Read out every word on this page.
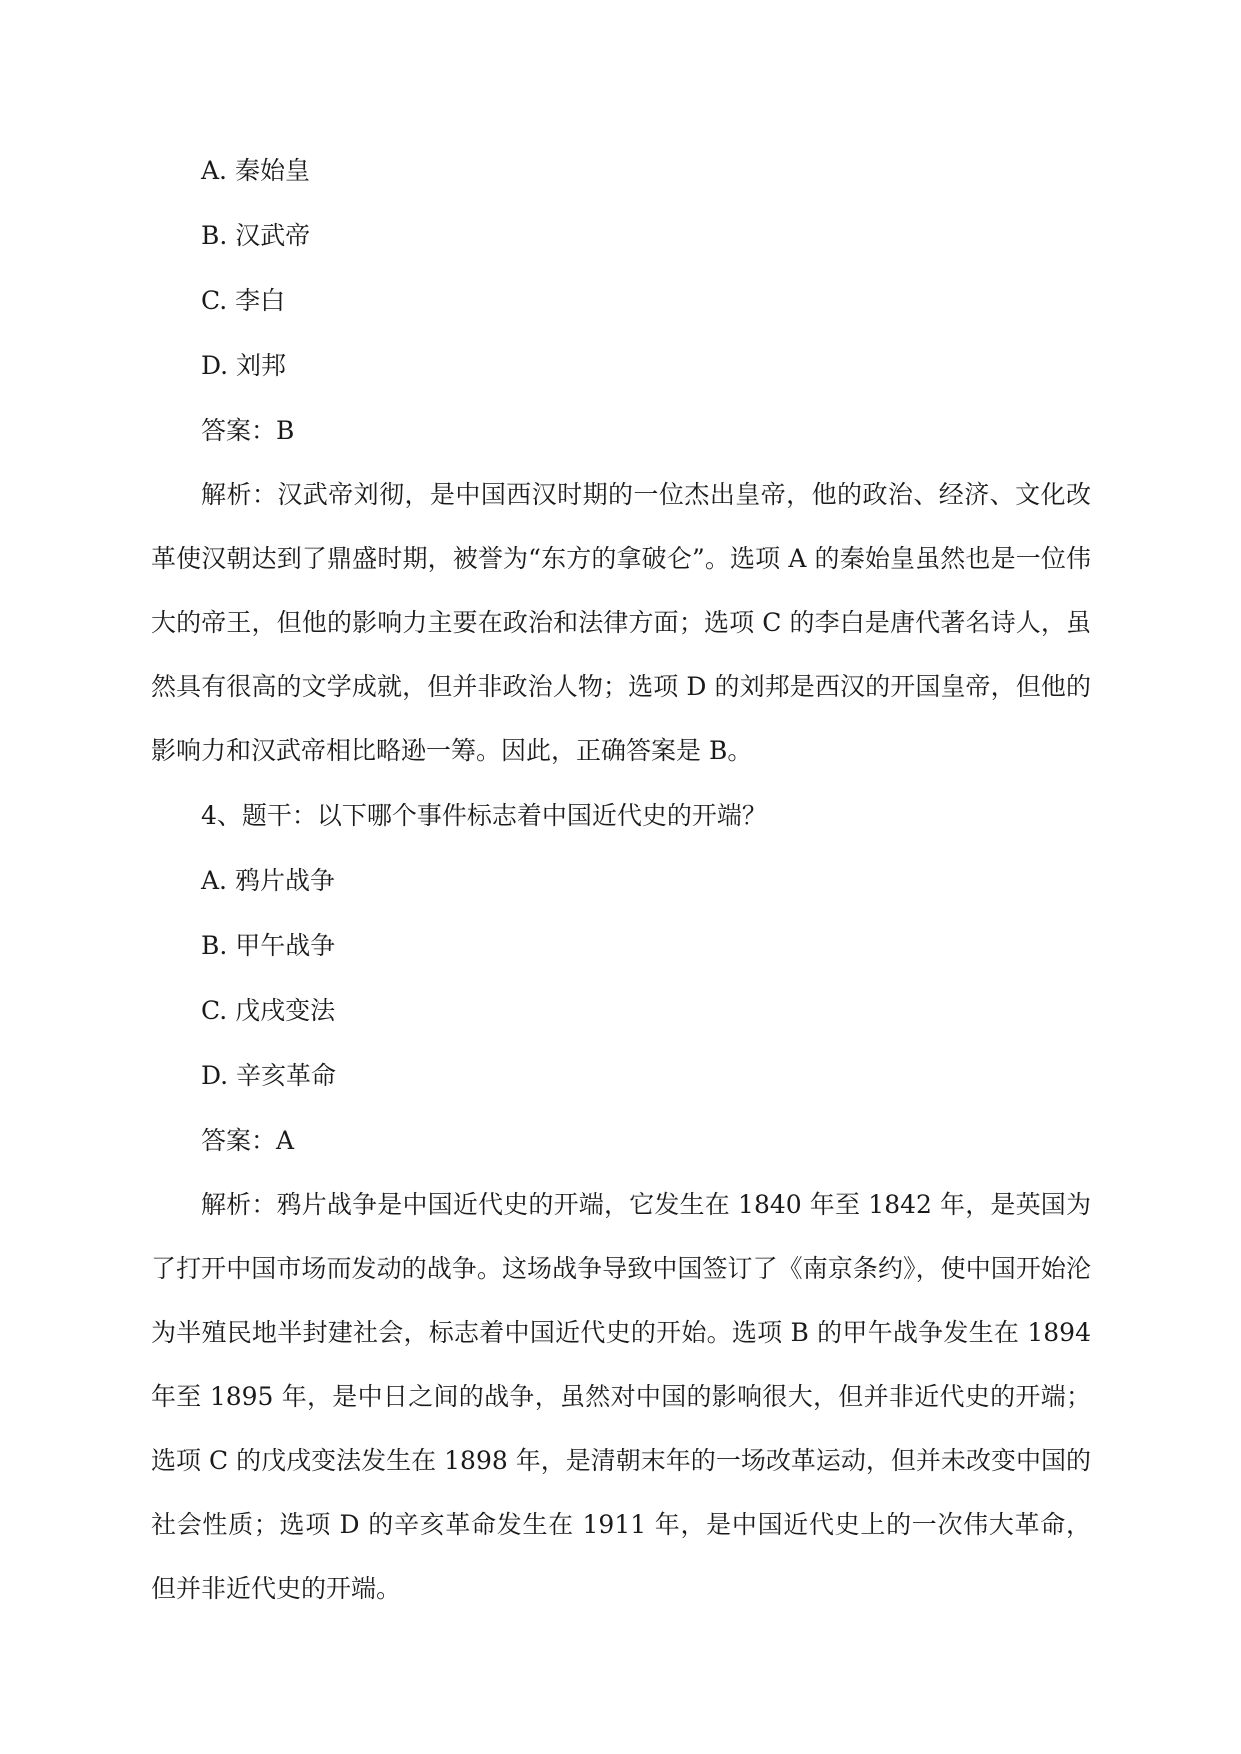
A. 秦始皇
B. 汉武帝
C. 李白
D. 刘邦
答案：B

解析：汉武帝刘彻，是中国西汉时期的一位杰出皇帝，他的政治、经济、文化改革使汉朝达到了鼎盛时期，被誉为“东方的拿破仑”。选项 A 的秦始皇虽然也是一位伟大的帝王，但他的影响力主要在政治和法律方面；选项 C 的李白是唐代著名诗人，虽然具有很高的文学成就，但并非政治人物；选项 D 的刘邦是西汉的开国皇帝，但他的影响力和汉武帝相比略逊一筹。因此，正确答案是 B。

4、题干：以下哪个事件标志着中国近代史的开端？
A. 鸦片战争
B. 甲午战争
C. 戊戌变法
D. 辛亥革命
答案：A

解析：鸦片战争是中国近代史的开端，它发生在 1840 年至 1842 年，是英国为了打开中国市场而发动的战争。这场战争导致中国签订了《南京条约》，使中国开始沦为半殖民地半封建社会，标志着中国近代史的开始。选项 B 的甲午战争发生在 1894 年至 1895 年，是中日之间的战争，虽然对中国的影响很大，但并非近代史的开端；选项 C 的戊戌变法发生在 1898 年，是清朝末年的一场改革运动，但并未改变中国的社会性质；选项 D 的辛亥革命发生在 1911 年，是中国近代史上的一次伟大革命，但并非近代史的开端。
